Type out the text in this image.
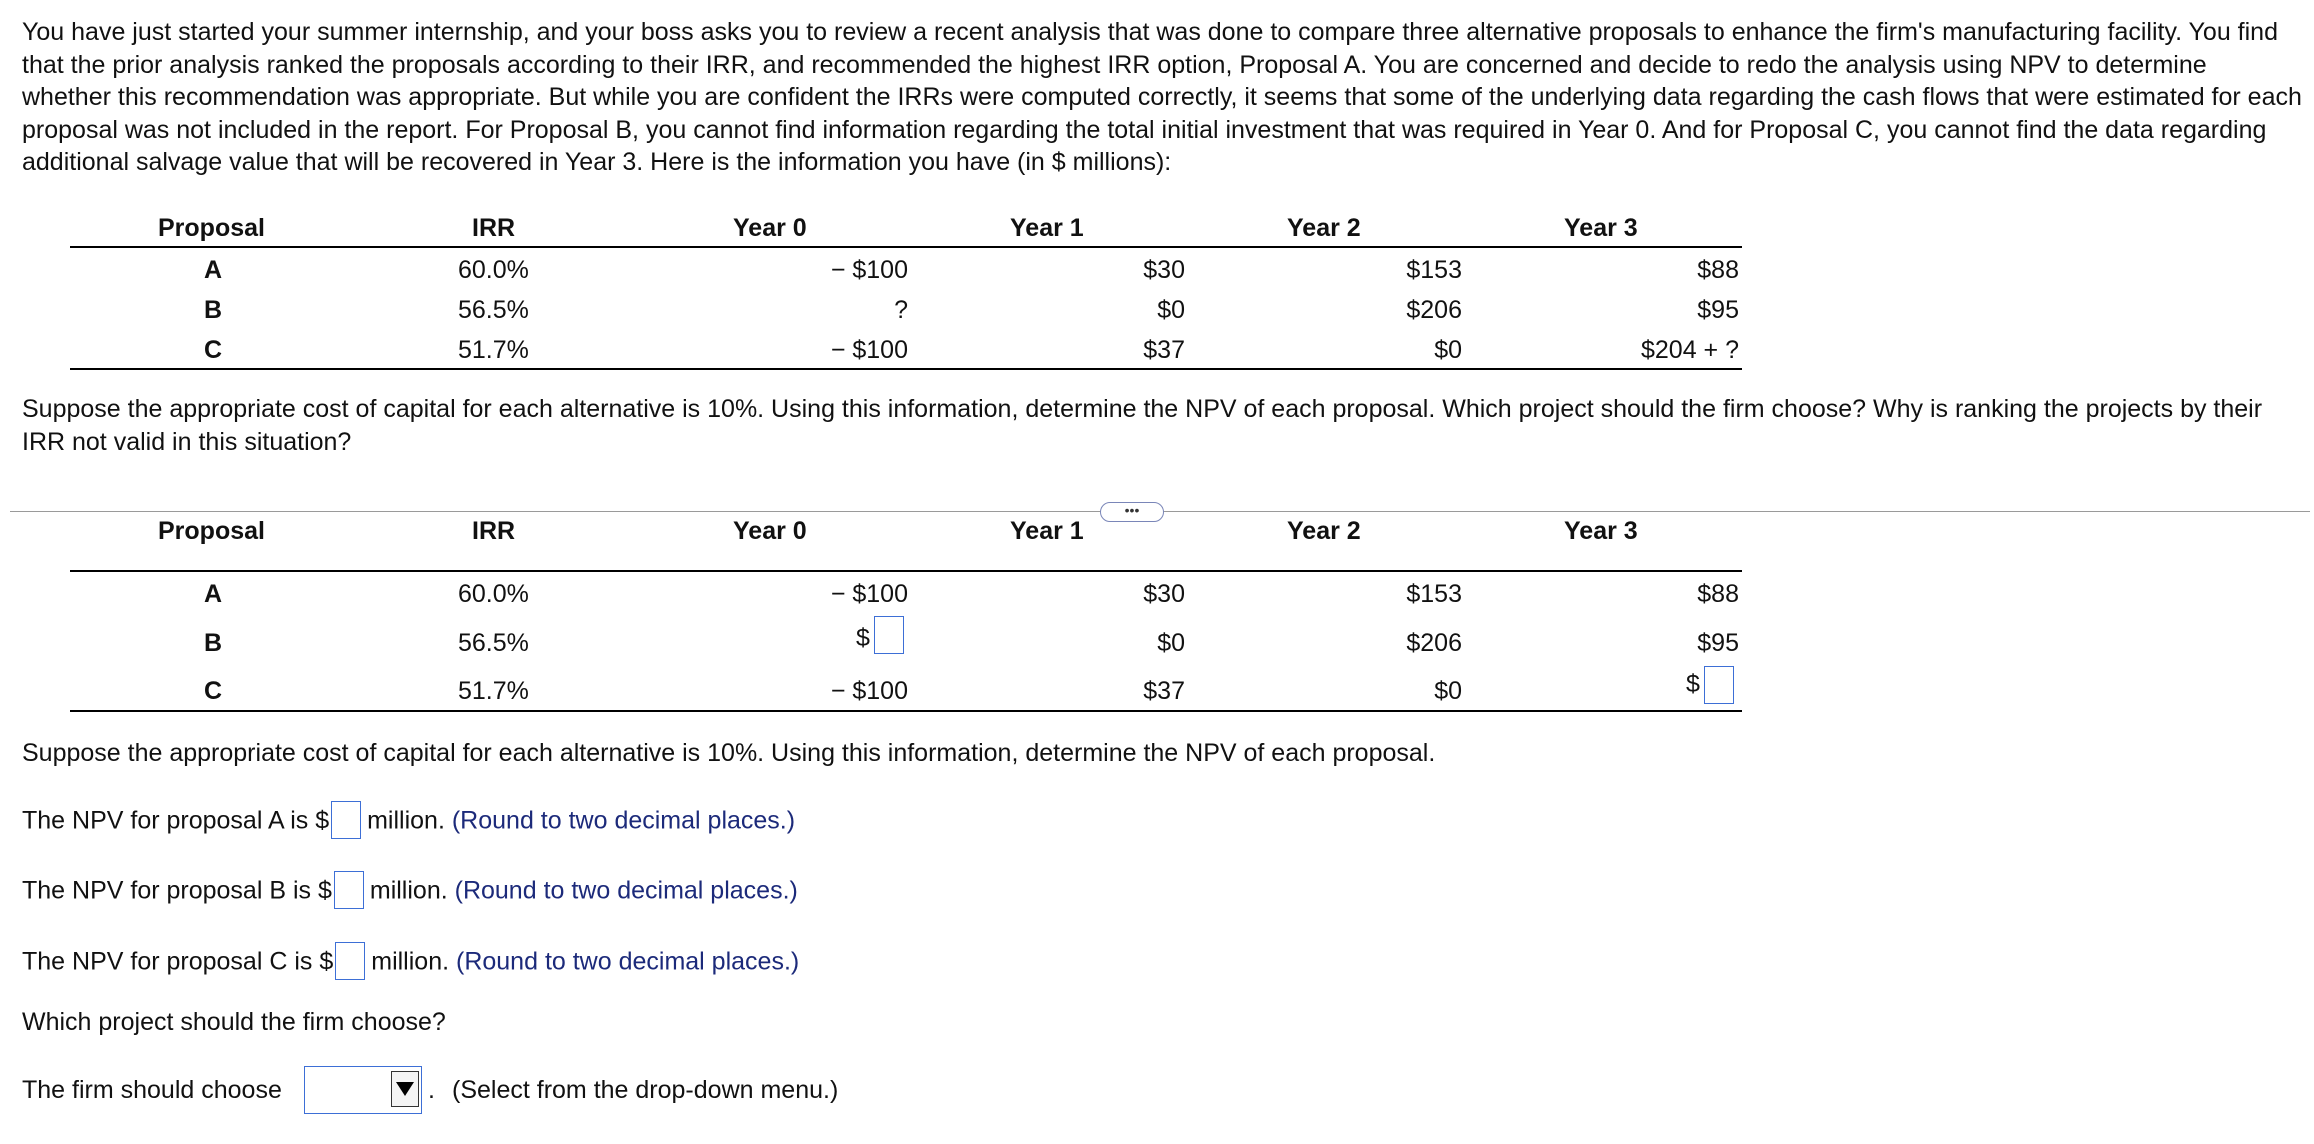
You have just started your summer internship, and your boss asks you to review a recent analysis that was done to compare three alternative proposals to enhance the firm's manufacturing facility. You find that the prior analysis ranked the proposals according to their IRR, and recommended the highest IRR option, Proposal A. You are concerned and decide to redo the analysis using NPV to determine whether this recommendation was appropriate. But while you are confident the IRRs were computed correctly, it seems that some of the underlying data regarding the cash flows that were estimated for each proposal was not included in the report. For Proposal B, you cannot find information regarding the total initial investment that was required in Year 0. And for Proposal C, you cannot find the data regarding additional salvage value that will be recovered in Year 3. Here is the information you have (in $ millions):
Proposal	IRR	Year 0	Year 1	Year 2	Year 3
A	60.0%	− $100	$30	$153	$88
B	56.5%	?	$0	$206	$95
C	51.7%	− $100	$37	$0	$204 + ?
Suppose the appropriate cost of capital for each alternative is 10%. Using this information, determine the NPV of each proposal. Which project should the firm choose? Why is ranking the projects by their IRR not valid in this situation?
•••
Proposal	IRR	Year 0	Year 1	Year 2	Year 3
A	60.0%	− $100	$30	$153	$88
B	56.5%	$	$0	$206	$95
C	51.7%	− $100	$37	$0	$
Suppose the appropriate cost of capital for each alternative is 10%. Using this information, determine the NPV of each proposal.
The NPV for proposal A is $ million. (Round to two decimal places.)
The NPV for proposal B is $ million. (Round to two decimal places.)
The NPV for proposal C is $ million. (Round to two decimal places.)
Which project should the firm choose?
The firm should choose	. (Select from the drop-down menu.)
